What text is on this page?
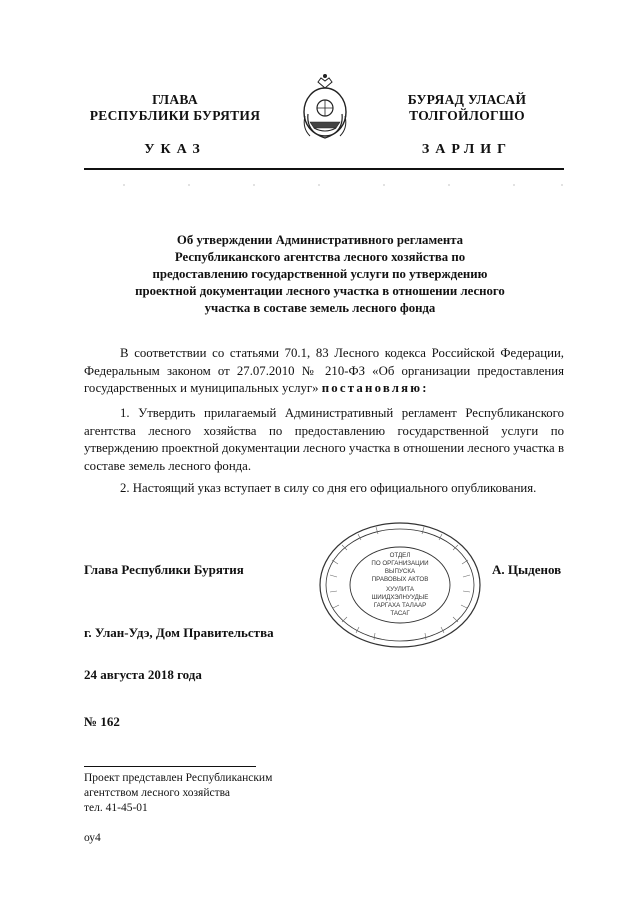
ГЛАВА
РЕСПУБЛИКИ БУРЯТИЯ
БУРЯАД УЛАСАЙ
ТОЛГОЙЛОГШО
УКАЗ	ЗАРЛИГ
Об утверждении Административного регламента
Республиканского агентства лесного хозяйства по
предоставлению государственной услуги по утверждению
проектной документации лесного участка в отношении лесного
участка в составе земель лесного фонда
В соответствии со статьями 70.1, 83 Лесного кодекса Российской Федерации, Федеральным законом от 27.07.2010 № 210-ФЗ «Об организации предоставления государственных и муниципальных услуг» постановляю:
1. Утвердить прилагаемый Административный регламент Республиканского агентства лесного хозяйства по предоставлению государственной услуги по утверждению проектной документации лесного участка в отношении лесного участка в составе земель лесного фонда.
2. Настоящий указ вступает в силу со дня его официального опубликования.
ОТДЕЛ
ПО ОРГАНИЗАЦИИ
ВЫПУСКА
ПРАВОВЫХ АКТОВ
ХУУЛИТА
ШИИДХЭЛНУУДЫЕ
ГАРГАХА ТАЛААР
ТАСАГ
Глава Республики Бурятия	А. Цыденов
г. Улан-Удэ, Дом Правительства
24 августа 2018 года
№ 162
Проект представлен Республиканским
агентством лесного хозяйства
тел. 41-45-01
оу4
